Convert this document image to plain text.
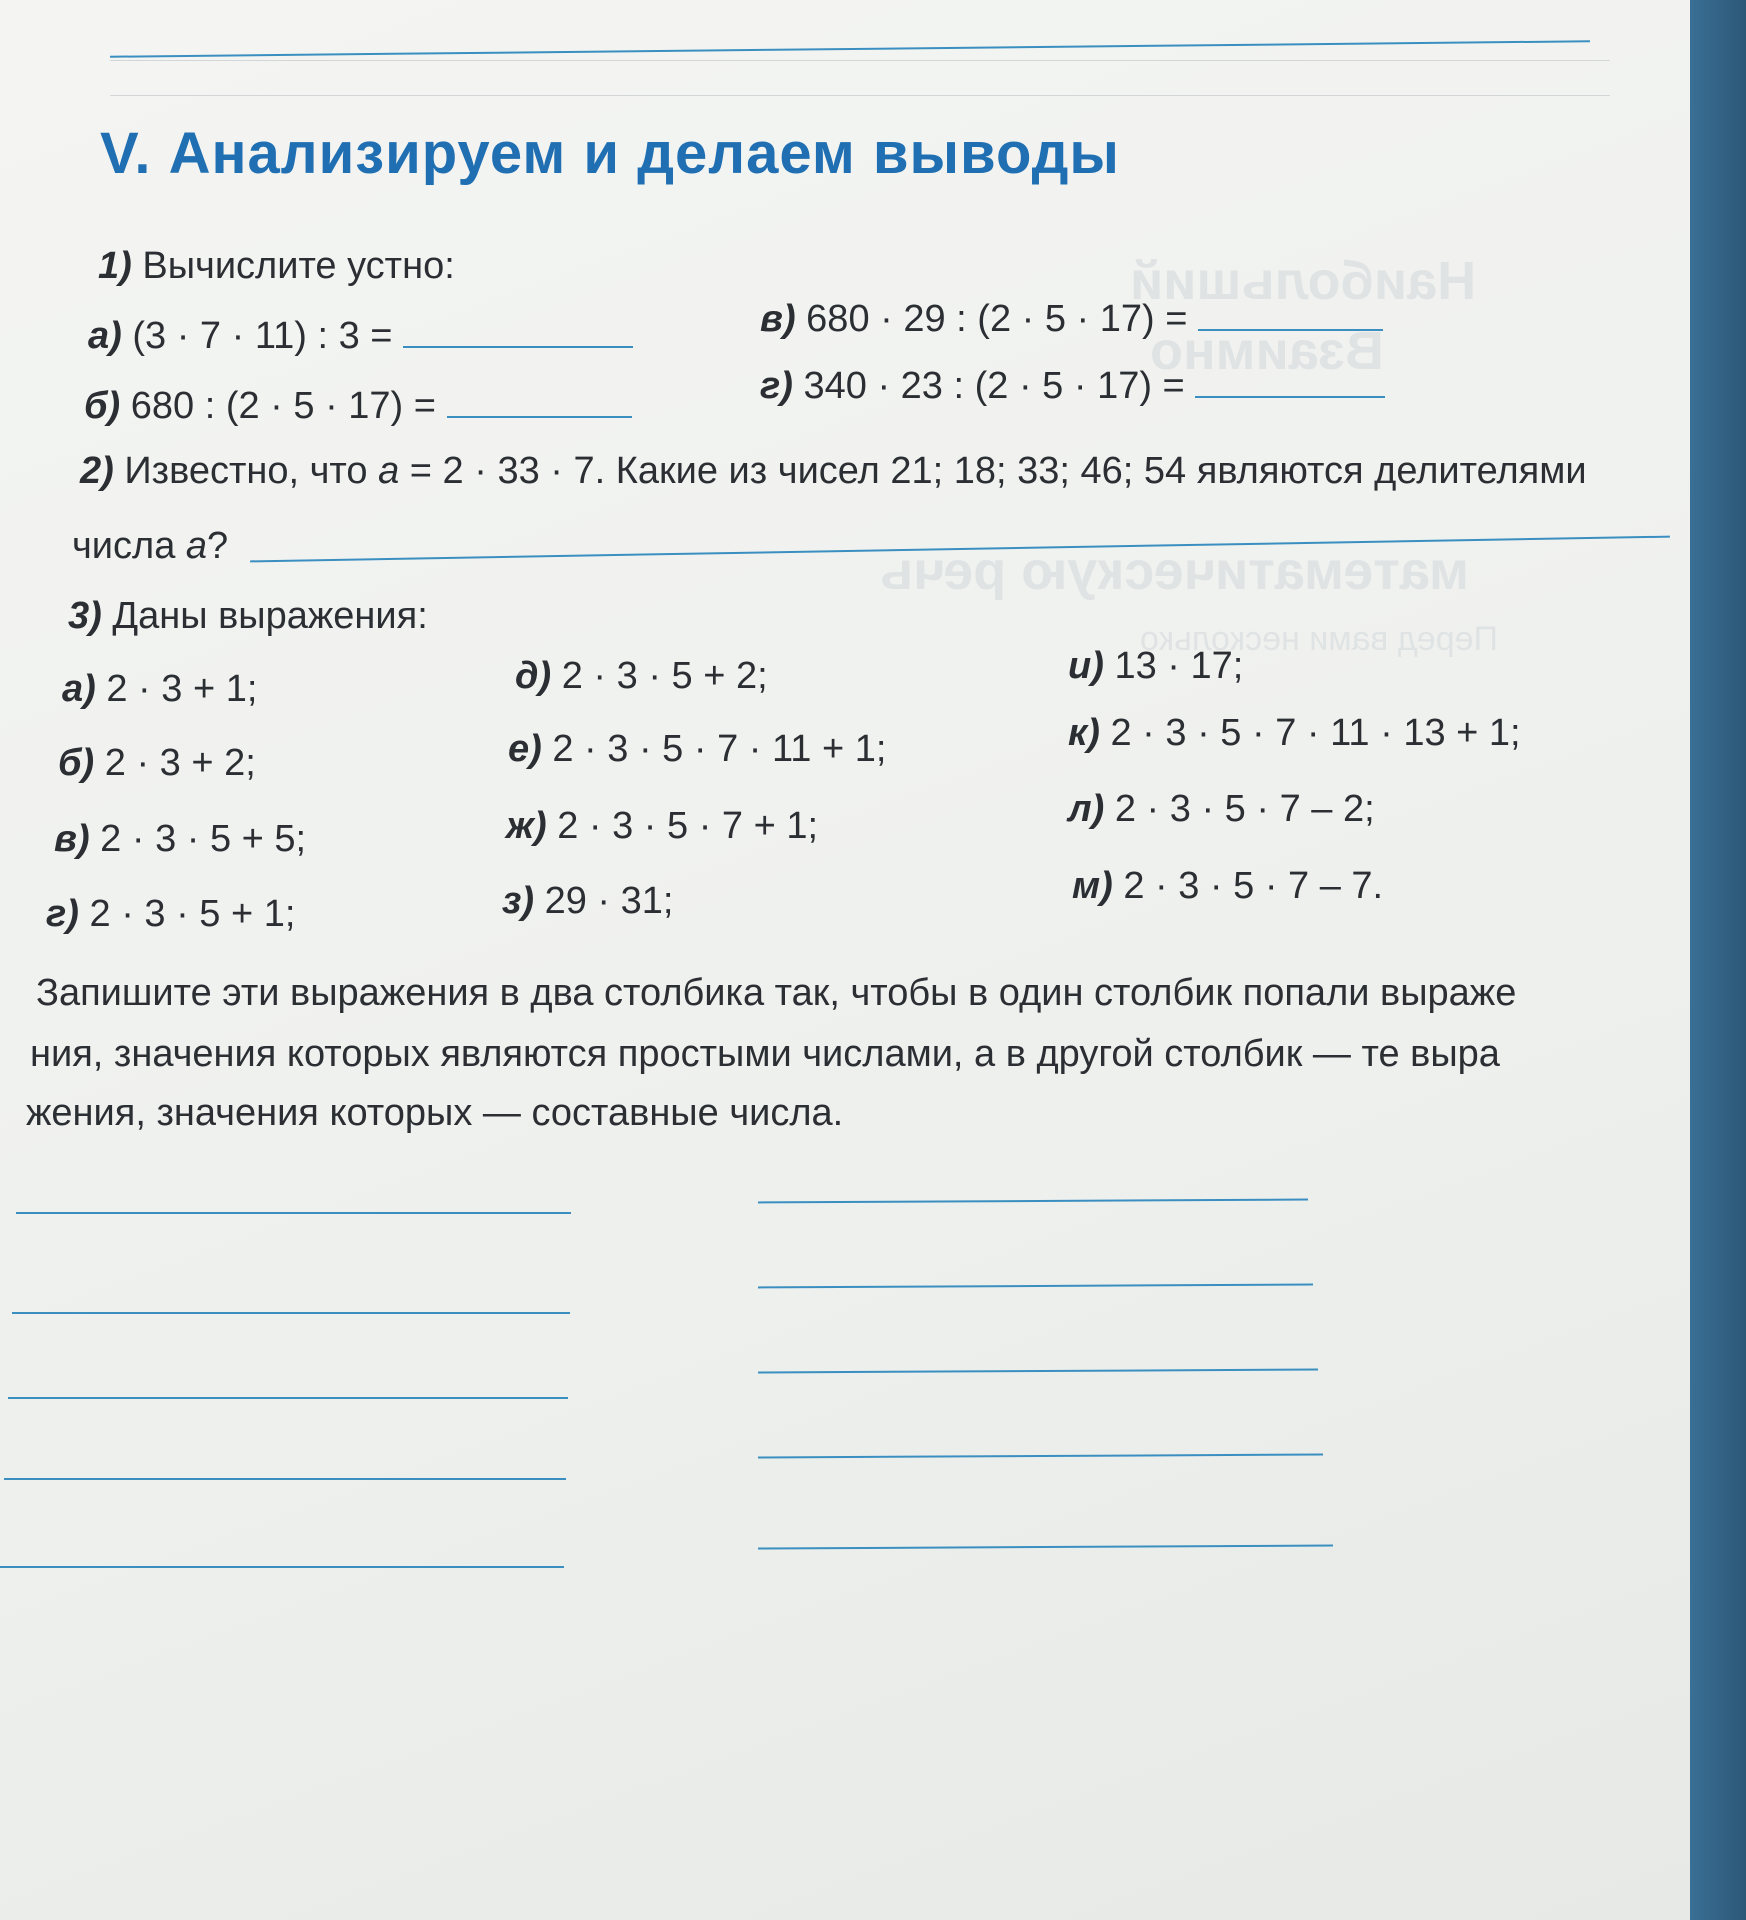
Наибольший
Взаимно
математическую речь
Перед вами несколько
V. Анализируем и делаем выводы
1) Вычислите устно:
а) (3 · 7 · 11) : 3 =
б) 680 : (2 · 5 · 17) =
в) 680 · 29 : (2 · 5 · 17) =
г) 340 · 23 : (2 · 5 · 17) =
2) Известно, что a = 2 · 33 · 7. Какие из чисел 21; 18; 33; 46; 54 являются делителями
числа a?
3) Даны выражения:
а) 2 · 3 + 1;
б) 2 · 3 + 2;
в) 2 · 3 · 5 + 5;
г) 2 · 3 · 5 + 1;
д) 2 · 3 · 5 + 2;
е) 2 · 3 · 5 · 7 · 11 + 1;
ж) 2 · 3 · 5 · 7 + 1;
з) 29 · 31;
и) 13 · 17;
к) 2 · 3 · 5 · 7 · 11 · 13 + 1;
л) 2 · 3 · 5 · 7 – 2;
м) 2 · 3 · 5 · 7 – 7.
Запишите эти выражения в два столбика так, чтобы в один столбик попали выраже
ния, значения которых являются простыми числами, а в другой столбик — те выра
жения, значения которых — составные числа.
